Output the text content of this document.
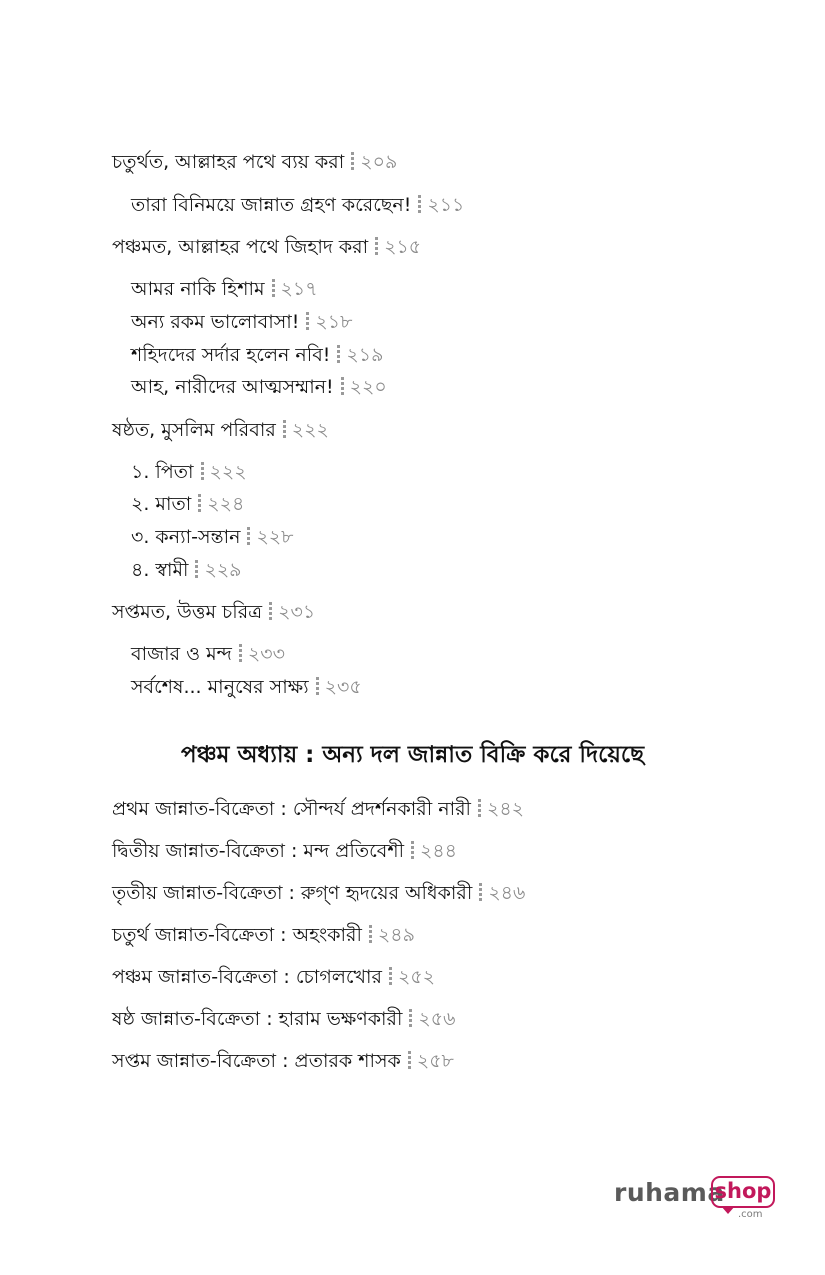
চতুর্থত, আল্লাহর পথে ব্যয় করা ২০৯
তারা বিনিময়ে জান্নাত গ্রহণ করেছেন! ২১১
পঞ্চমত, আল্লাহর পথে জিহাদ করা ২১৫
আমর নাকি হিশাম ২১৭
অন্য রকম ভালোবাসা! ২১৮
শহিদদের সর্দার হলেন নবি! ২১৯
আহ, নারীদের আত্মসম্মান! ২২০
ষষ্ঠত, মুসলিম পরিবার ২২২
১. পিতা ২২২
২. মাতা ২২৪
৩. কন্যা-সন্তান ২২৮
৪. স্বামী ২২৯
সপ্তমত, উত্তম চরিত্র ২৩১
বাজার ও মন্দ ২৩৩
সর্বশেষ... মানুষের সাক্ষ্য ২৩৫
পঞ্চম অধ্যায় : অন্য দল জান্নাত বিক্রি করে দিয়েছে
প্রথম জান্নাত-বিক্রেতা : সৌন্দর্য প্রদর্শনকারী নারী ২৪২
দ্বিতীয় জান্নাত-বিক্রেতা : মন্দ প্রতিবেশী ২৪৪
তৃতীয় জান্নাত-বিক্রেতা : রুগ্‌ণ হৃদয়ের অধিকারী ২৪৬
চতুর্থ জান্নাত-বিক্রেতা : অহংকারী ২৪৯
পঞ্চম জান্নাত-বিক্রেতা : চোগলখোর ২৫২
ষষ্ঠ জান্নাত-বিক্রেতা : হারাম ভক্ষণকারী ২৫৬
সপ্তম জান্নাত-বিক্রেতা : প্রতারক শাসক ২৫৮
ruhama
shop
.com
